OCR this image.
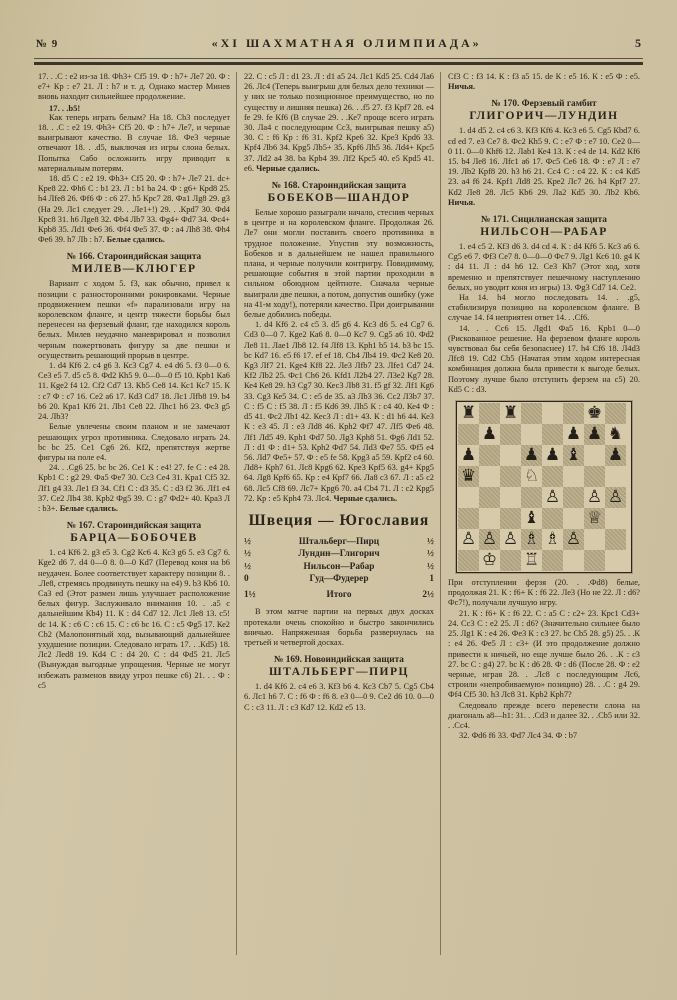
№ 9	«XI ШАХМАТНАЯ ОЛИМПИАДА»	5

17. . .С : е2 из-за 18. Фh3+ Сf5 19. Ф : h7+ Ле7 20. Ф : е7+ Кр : е7 21. Л : h7 и т. д. Однако мастер Минев вновь находит сильнейшее продолжение.

17. . .b5!

Как теперь играть белым? На 18. Сb3 последует 18. . .С : е2 19. Фh3+ Сf5 20. Ф : h7+ Ле7, и черные выигрывают качество. В случае 18. Фе3 черные отвечают 18. . .d5, выключая из игры слона белых. Попытка Сабо осложнить игру приводит к материальным потерям.

18. d5 С : е2 19. Фh3+ Сf5 20. Ф : h7+ Ле7 21. dc+ Кре8 22. Фh6 С : b1 23. Л : b1 ba 24. Ф : g6+ Крd8 25. h4 Лfе8 26. Фf6 Ф : с6 27. h5 Крс7 28. Фа1 Лg8 29. g3 (На 29. Лс1 следует 29. . .Ле1+!) 29. . .Крd7 30. Фd4 Крс8 31. h6 Лgе8 32. Фb4 Лb7 33. Фg4+ Фd7 34. Фс4+ Крb8 35. Лd1 Фе6 36. Фf4 Фе5 37. Ф : а4 Лh8 38. Фh4 Фе6 39. h7 Лb : h7. Белые сдались.

№ 166. Староиндийская защита

МИЛЕВ—КЛЮГЕР

Вариант с ходом 5. f3, как обычно, привел к позиции с разносторонними рокировками. Черные продвижением пешки «f» парализовали игру на королевском фланге, и центр тяжести борьбы был перенесен на ферзевый фланг, где находился король белых. Милев неудачно маневрировал и позволил черным пожертвовать фигуру за две пешки и осуществить решающий прорыв в центре.

1. d4 Кf6 2. с4 g6 3. Кс3 Сg7 4. е4 d6 5. f3 0—0 6. Се3 е5 7. d5 с5 8. Фd2 Кh5 9. 0—0—0 f5 10. Крb1 Ка6 11. Кgе2 f4 12. Сf2 Сd7 13. Кb5 Се8 14. Кс1 Кс7 15. К : с7 Ф : с7 16. Се2 а6 17. Кd3 Сd7 18. Лс1 Лfb8 19. b4 b6 20. Кра1 Кf6 21. Лb1 Се8 22. Лhс1 h6 23. Фс3 g5 24. Лb3?

Белые увлечены своим планом и не замечают решающих угроз противника. Следовало играть 24. bc bc 25. Се1 Сg6 26. Кf2, препятствуя жертве фигуры на поле е4.

24. . .Сg6 25. bc bc 26. Се1 К : е4! 27. fe С : е4 28. Крb1 С : g2 29. Фа5 Фе7 30. Сс3 Се4 31. Кра1 Сf5 32. Лf1 g4 33. Ле1 f3 34. Сf1 С : d3 35. С : d3 f2 36. Лf1 е4 37. Се2 Лb4 38. Крb2 Фg5 39. С : g7 Фd2+ 40. Кра3 Л : b3+. Белые сдались.

№ 167. Староиндийская защита

БАРЦА—БОБОЧЕВ

1. с4 Кf6 2. g3 е5 3. Сg2 Кс6 4. Кс3 g6 5. е3 Сg7 6. Кgе2 d6 7. d4 0—0 8. 0—0 Кd7 (Перевод коня на b6 неудачен. Более соответствует характеру позиции 8. . .Ле8, стремясь продвинуть пешку на е4) 9. b3 Кb6 10. Са3 ed (Этот размен лишь улучшает расположение белых фигур. Заслуживало внимания 10. . .а5 с дальнейшим Кb4) 11. К : d4 Сd7 12. Лс1 Ле8 13. с5! dc 14. К : с6 С : с6 15. С : с6 bc 16. С : с5 Фg5 17. Ке2 Сb2 (Малопонятный ход, вызывающий дальнейшее ухудшение позиции. Следовало играть 17. . .Кd5) 18. Лс2 Леd8 19. Кd4 С : d4 20. С : d4 Фd5 21. Лс5 (Вынуждая выгодные упрощения. Черные не могут избежать разменов ввиду угроз пешке с6) 21. . . Ф : с5

22. С : с5 Л : d1 23. Л : d1 а5 24. Лс1 Кd5 25. Сd4 Ла6 26. Лс4 (Теперь выигрыш для белых дело техники — у них не только позиционное преимущество, но по существу и лишняя пешка) 26. . .f5 27. f3 Крf7 28. е4 fe 29. fe Кf6 (В случае 29. . .Ке7 проще всего играть 30. Ла4 с последующим Сс3, выигрывая пешку а5) 30. С : f6 Кр : f6 31. Крf2 Кре6 32. Кре3 Крd6 33. Крf4 Лb6 34. Крg5 Лb5+ 35. Крf6 Лh5 36. Лd4+ Крс5 37. Лd2 а4 38. ba Крb4 39. Лf2 Крс5 40. е5 Крd5 41. е6. Черные сдались.

№ 168. Староиндийская защита

БОБЕКОВ—ШАНДОР

Белые хорошо разыграли начало, стеснив черных в центре и на королевском фланге. Продолжая 26. Ле7 они могли поставить своего противника в трудное положение. Упустив эту возможность, Бобеков и в дальнейшем не нашел правильного плана, и черные получили контригру. Повидимому, решающие события в этой партии проходили в сильном обоюдном цейтноте. Сначала черные выиграли две пешки, а потом, допустив ошибку (уже на 41-м ходу!), потеряли качество. При доигрывании белые добились победы.

1. d4 Кf6 2. с4 с5 3. d5 g6 4. Кс3 d6 5. е4 Сg7 6. Сd3 0—0 7. Кgе2 Ка6 8. 0—0 Кс7 9. Сg5 а6 10. Фd2 Ле8 11. Лае1 Лb8 12. f4 Лf8 13. Крh1 b5 14. b3 bc 15. bc Кd7 16. е5 f6 17. ef ef 18. Сh4 Лb4 19. Фс2 Ке8 20. Кg3 Лf7 21. Кgе4 Кf8 22. Ле3 Лfb7 23. Лfе1 Сd7 24. Кf2 Лb2 25. Фс1 Сh6 26. Кfd1 Л2b4 27. Л3е2 Кg7 28. Ке4 Ке8 29. h3 Сg7 30. Кес3 Лb8 31. f5 gf 32. Лf1 Кg6 33. Сg3 Ке5 34. С : е5 de 35. а3 Лb3 36. Сс2 Л3b7 37. С : f5 С : f5 38. Л : f5 Кd6 39. Лh5 К : с4 40. Ке4 Ф : d5 41. Фс2 Лb1 42. Кес3 Л : d1+ 43. К : d1 h6 44. Ке3 К : е3 45. Л : е3 Лd8 46. Крh2 Фf7 47. Лf5 Фе6 48. Лf1 Лd5 49. Крh1 Фd7 50. Лg3 Крh8 51. Фg6 Лd1 52. Л : d1 Ф : d1+ 53. Крh2 Фd7 54. Лd3 Фе7 55. Фf5 е4 56. Лd7 Фе5+ 57. Ф : е5 fe 58. Крg3 а5 59. Крf2 с4 60. Лd8+ Крh7 61. Лс8 Крg6 62. Кре3 Крf5 63. g4+ Крg5 64. Лg8 Крf6 65. Кр : е4 Крf7 66. Ла8 с3 67. Л : а5 с2 68. Лс5 Сf8 69. Лс7+ Крg6 70. а4 Сb4 71. Л : с2 Крg5 72. Кр : е5 Крh4 73. Лс4. Черные сдались.

Швеция — Югославия

½	Штальберг—Пирц	½
½	Лундин—Глигорич	½
½	Нильсон—Рабар	½
0	Гуд—Фудерер	1
1½	Итого	2½

В этом матче партии на первых двух досках протекали очень спокойно и быстро закончились вничью. Напряженная борьба развернулась на третьей и четвертой досках.

№ 169. Новоиндийская защита

ШТАЛЬБЕРГ—ПИРЦ

1. d4 Кf6 2. с4 е6 3. Кf3 b6 4. Кс3 Сb7 5. Сg5 Сb4 6. Лс1 h6 7. С : f6 Ф : f6 8. е3 0—0 9. Се2 d6 10. 0—0 С : с3 11. Л : с3 Кd7 12. Кd2 е5 13.

Сf3 С : f3 14. К : f3 а5 15. de К : е5 16. К : е5 Ф : е5. Ничья.

№ 170. Ферзевый гамбит

ГЛИГОРИЧ—ЛУНДИН

1. d4 d5 2. с4 с6 3. Кf3 Кf6 4. Кс3 е6 5. Сg5 Кbd7 6. cd ed 7. е3 Се7 8. Фс2 Кh5 9. С : е7 Ф : е7 10. Се2 0—0 11. 0—0 Кhf6 12. Лаb1 Ке4 13. К : е4 de 14. Кd2 Кf6 15. b4 Ле8 16. Лfс1 а6 17. Фс5 Се6 18. Ф : е7 Л : е7 19. Лb2 Крf8 20. h3 h6 21. Сс4 С : с4 22. К : с4 Кd5 23. а4 f6 24. Крf1 Лd8 25. Кре2 Лс7 26. h4 Крf7 27. Кd2 Ле8 28. Лс5 Кb6 29. Ла2 Кd5 30. Лb2 Кb6. Ничья.

№ 171. Сицилианская защита

НИЛЬСОН—РАБАР

1. е4 с5 2. Кf3 d6 3. d4 cd 4. К : d4 Кf6 5. Кс3 а6 6. Сg5 е6 7. Фf3 Се7 8. 0—0—0 Фс7 9. Лg1 Кс6 10. g4 К : d4 11. Л : d4 h6 12. Се3 Кh7 (Этот ход, хотя временно и препятствует пешечному наступлению белых, но уводит коня из игры) 13. Фg3 Сd7 14. Се2.

На 14. h4 могло последовать 14. . .g5, стабилизируя позицию на королевском фланге. В случае 14. f4 неприятен ответ 14. . .Сf6.

14. . . Сс6 15. Лgd1 Фа5 16. Крb1 0—0 (Рискованное решение. На ферзевом фланге король чувствовал бы себя безопаснее) 17. h4 Сf6 18. Л4d3 Лfс8 19. Сd2 Сb5 (Начатая этим ходом интересная комбинация должна была привести к выгоде белых. Поэтому лучше было отступить ферзем на с5) 20. Кd5 С : d3.

♜ ♜	♚
♟	♟ ♟ ♞
♟	♟ ♟ ♝ ♟
♛	♘
♙ ♙ ♙
♝	♕
♙ ♙ ♙ ♗ ♗ ♙
♔ ♖

При отступлении ферзя (20. . .Фd8) белые, продолжая 21. К : f6+ К : f6 22. Ле3 (Но не 22. Л : d6? Фс7!), получали лучшую игру.

21. К : f6+ К : f6 22. С : а5 С : с2+ 23. Крс1 Сd3+ 24. Сс3 С : е2 25. Л : d6? (Значительно сильнее было 25. Лg1 К : е4 26. Фе3 К : с3 27. bc Сb5 28. g5) 25. . .К : е4 26. Фе5 Л : с3+ (И это продолжение должно привести к ничьей, но еще лучше было 26. . .К : с3 27. bc С : g4) 27. bc К : d6 28. Ф : d6 (После 28. Ф : е2 черные, играя 28. . .Лс8 с последующим Лс6, строили «непробиваемую» позицию) 28. . .С : g4 29. Фf4 Сf5 30. h3 Лс8 31. Крb2 Крh7?

Следовало прежде всего перевести слона на диагональ а8—h1: 31. . .Сd3 и далее 32. . .Сb5 или 32. . .Сс4.

32. Фd6 f6 33. Фd7 Лс4 34. Ф : b7
